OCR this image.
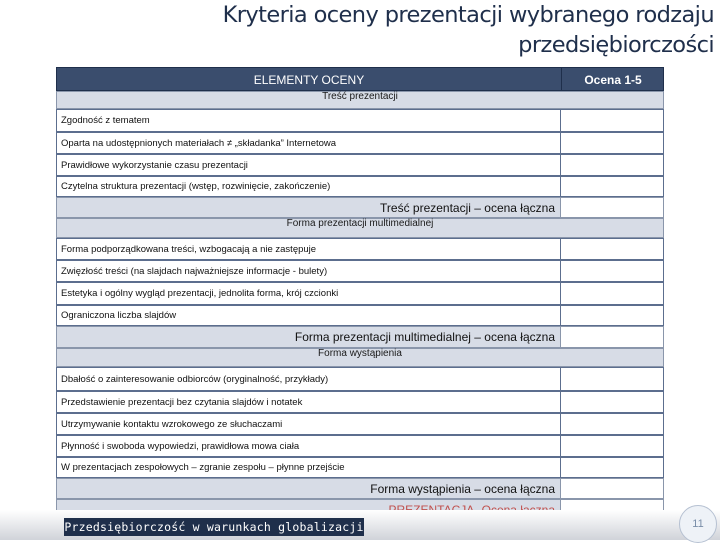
Kryteria oceny prezentacji wybranego rodzaju
przedsiębiorczości
ELEMENTY OCENY	Ocena 1-5
Treść prezentacji
Zgodność z tematem
Oparta na udostępnionych materiałach ≠ „składanka” Internetowa
Prawidłowe wykorzystanie czasu prezentacji
Czytelna struktura prezentacji (wstęp, rozwinięcie, zakończenie)
Treść prezentacji – ocena łączna
Forma prezentacji multimedialnej
Forma podporządkowana treści, wzbogacają a nie zastępuje
Zwięzłość treści (na slajdach najważniejsze informacje - bulety)
Estetyka i ogólny wygląd prezentacji, jednolita forma, krój czcionki
Ograniczona liczba slajdów
Forma prezentacji multimedialnej – ocena łączna
Forma wystąpienia
Dbałość o zainteresowanie odbiorców (oryginalność, przykłady)
Przedstawienie prezentacji bez czytania slajdów i notatek
Utrzymywanie kontaktu wzrokowego ze słuchaczami
Płynność i swoboda wypowiedzi, prawidłowa mowa ciała
W prezentacjach zespołowych – zgranie zespołu – płynne przejście
Forma wystąpienia – ocena łączna
Przedsiębiorczość w warunkach globalizacji	11
